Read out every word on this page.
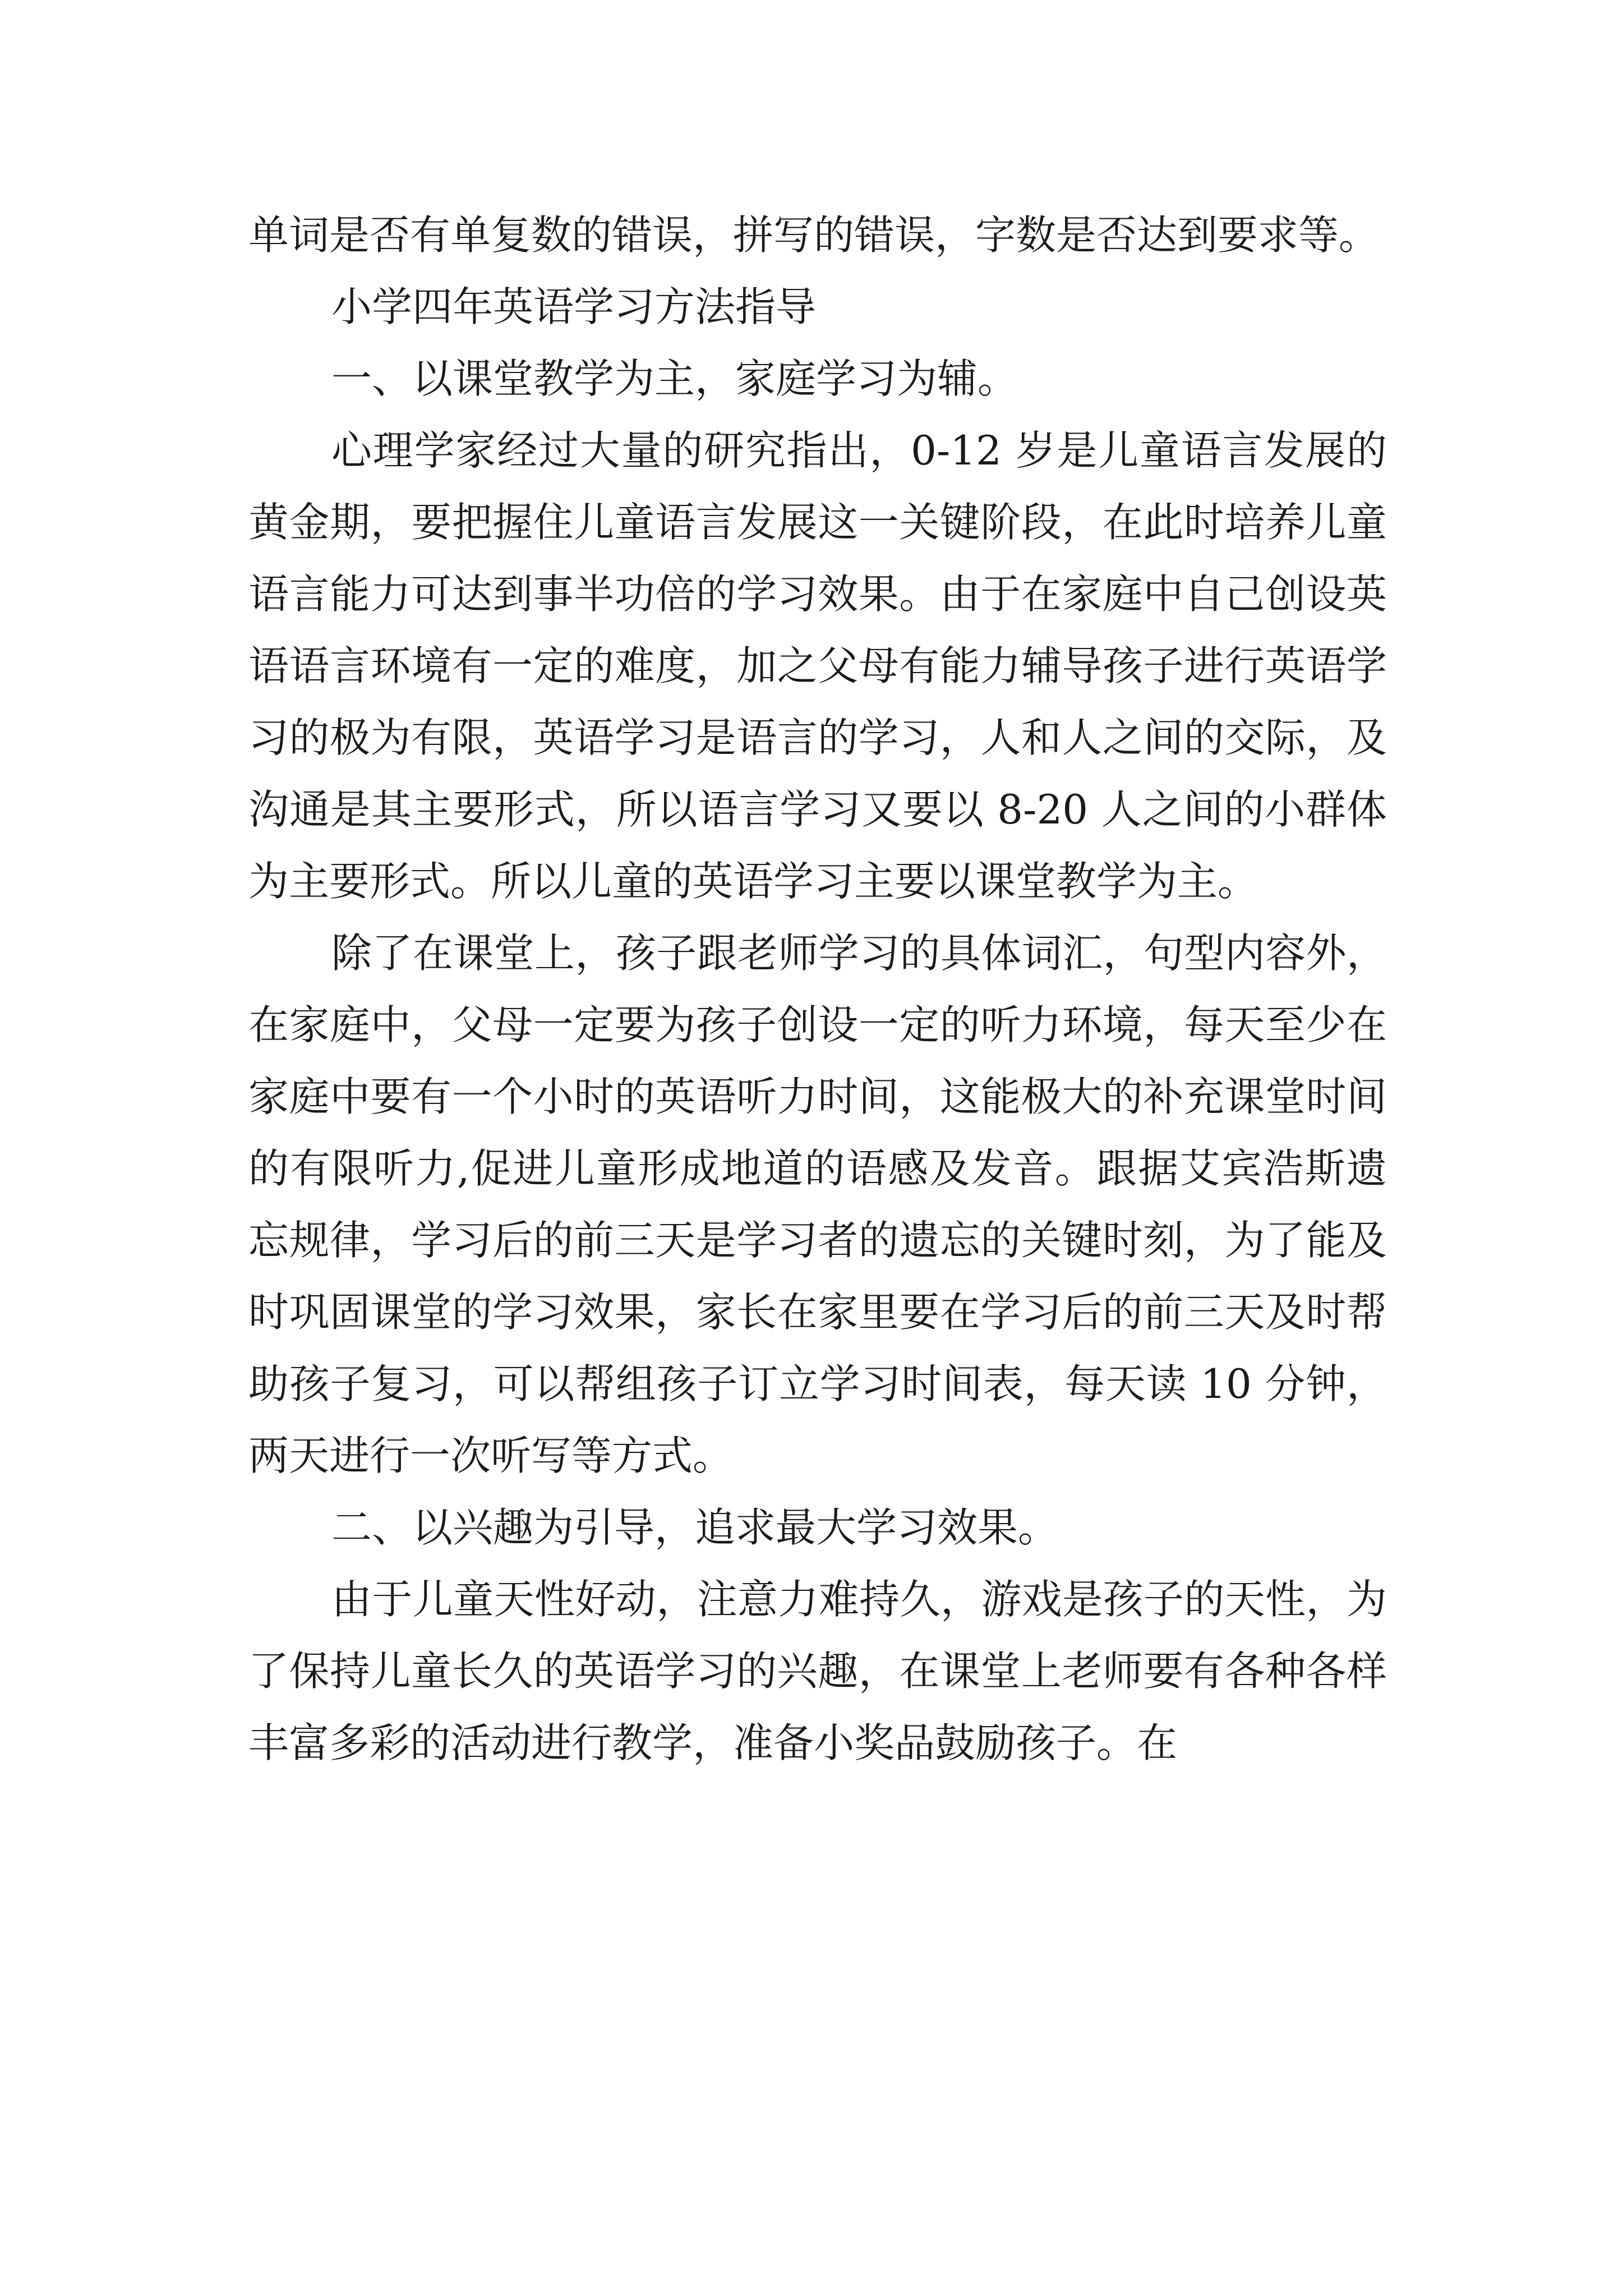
单词是否有单复数的错误，拼写的错误，字数是否达到要求等。

小学四年英语学习方法指导

一、以课堂教学为主，家庭学习为辅。

心理学家经过大量的研究指出，0-12 岁是儿童语言发展的黄金期，要把握住儿童语言发展这一关键阶段，在此时培养儿童语言能力可达到事半功倍的学习效果。由于在家庭中自己创设英语语言环境有一定的难度，加之父母有能力辅导孩子进行英语学习的极为有限，英语学习是语言的学习，人和人之间的交际，及沟通是其主要形式，所以语言学习又要以 8-20 人之间的小群体为主要形式。所以儿童的英语学习主要以课堂教学为主。

除了在课堂上，孩子跟老师学习的具体词汇，句型内容外，在家庭中，父母一定要为孩子创设一定的听力环境，每天至少在家庭中要有一个小时的英语听力时间，这能极大的补充课堂时间的有限听力,促进儿童形成地道的语感及发音。跟据艾宾浩斯遗忘规律，学习后的前三天是学习者的遗忘的关键时刻，为了能及时巩固课堂的学习效果，家长在家里要在学习后的前三天及时帮助孩子复习，可以帮组孩子订立学习时间表，每天读 10 分钟，两天进行一次听写等方式。

二、以兴趣为引导，追求最大学习效果。

由于儿童天性好动，注意力难持久，游戏是孩子的天性，为了保持儿童长久的英语学习的兴趣，在课堂上老师要有各种各样丰富多彩的活动进行教学，准备小奖品鼓励孩子。在
